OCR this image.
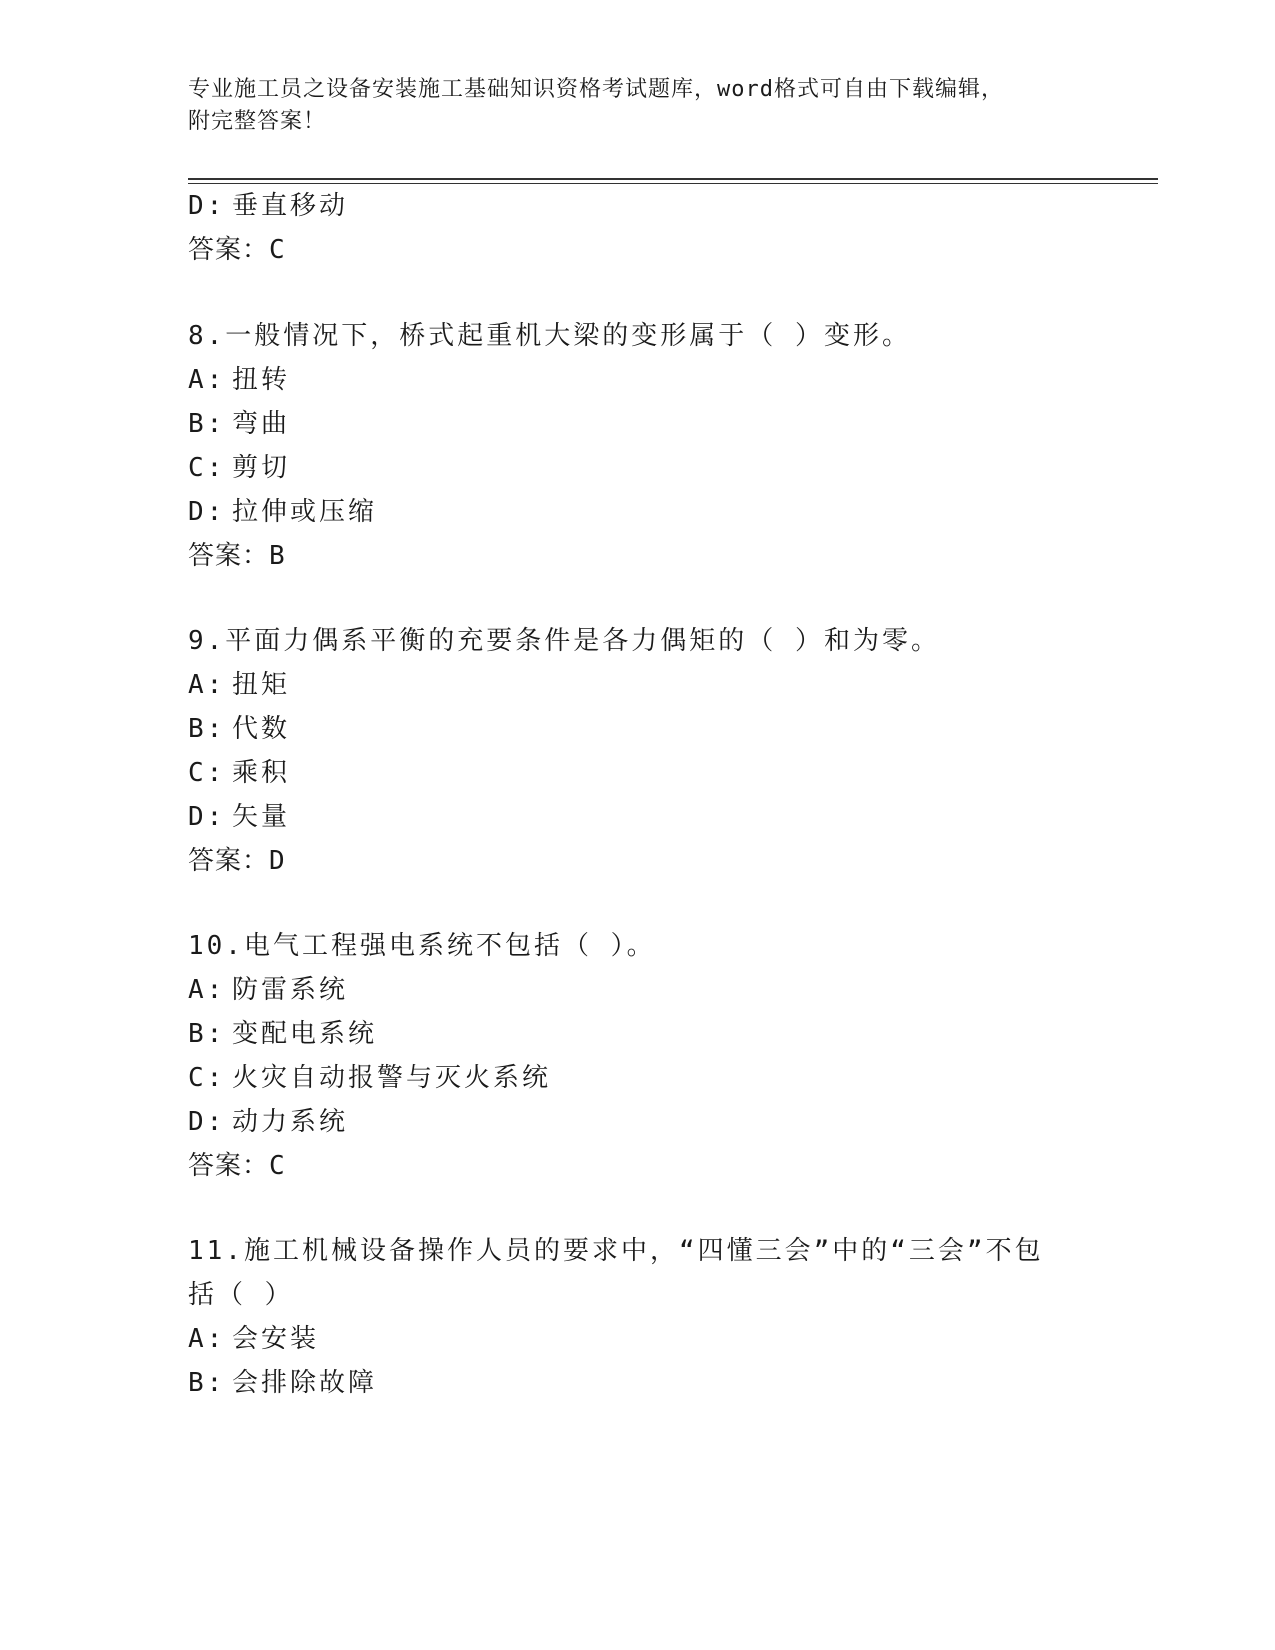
专业施工员之设备安装施工基础知识资格考试题库，word格式可自由下载编辑，
附完整答案！
D: 垂直移动
答案：C
8.一般情况下，桥式起重机大梁的变形属于（ ）变形。
A: 扭转
B: 弯曲
C: 剪切
D: 拉伸或压缩
答案：B
9.平面力偶系平衡的充要条件是各力偶矩的（ ）和为零。
A: 扭矩
B: 代数
C: 乘积
D: 矢量
答案：D
10.电气工程强电系统不包括（ ）。
A: 防雷系统
B: 变配电系统
C: 火灾自动报警与灭火系统
D: 动力系统
答案：C
11.施工机械设备操作人员的要求中，“四懂三会”中的“三会”不包
括（ ）
A: 会安装
B: 会排除故障
